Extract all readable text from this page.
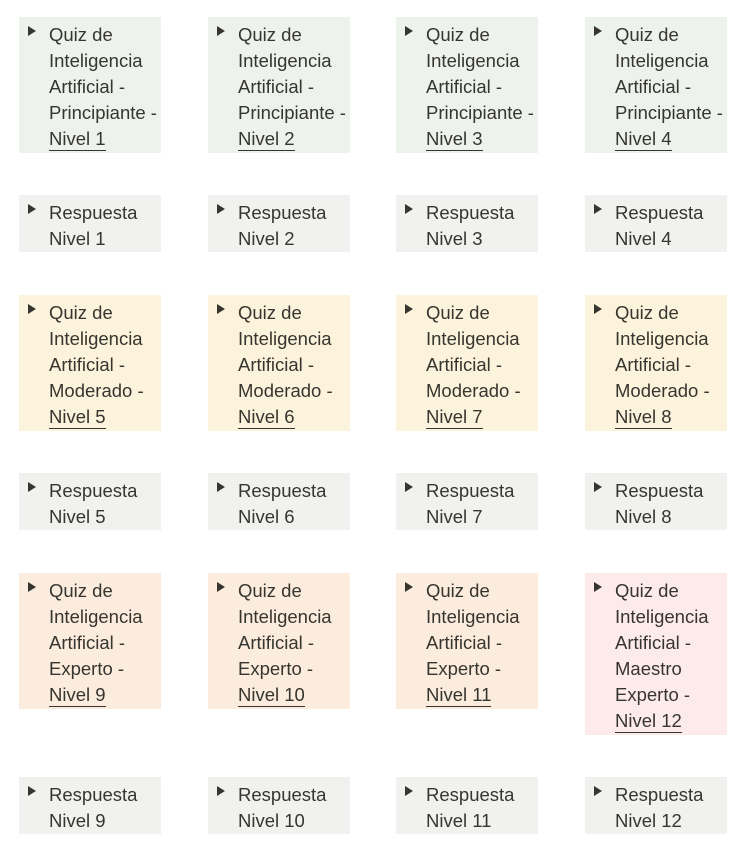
Quiz de Inteligencia Artificial - Principiante - Nivel 1
Quiz de Inteligencia Artificial - Principiante - Nivel 2
Quiz de Inteligencia Artificial - Principiante - Nivel 3
Quiz de Inteligencia Artificial - Principiante - Nivel 4
Respuesta
Nivel 1
Respuesta
Nivel 2
Respuesta
Nivel 3
Respuesta
Nivel 4
Quiz de Inteligencia Artificial - Moderado - Nivel 5
Quiz de Inteligencia Artificial - Moderado - Nivel 6
Quiz de Inteligencia Artificial - Moderado - Nivel 7
Quiz de Inteligencia Artificial - Moderado - Nivel 8
Respuesta
Nivel 5
Respuesta
Nivel 6
Respuesta
Nivel 7
Respuesta
Nivel 8
Quiz de Inteligencia Artificial - Experto - Nivel 9
Quiz de Inteligencia Artificial - Experto - Nivel 10
Quiz de Inteligencia Artificial - Experto - Nivel 11
Quiz de Inteligencia Artificial - Maestro Experto - Nivel 12
Respuesta
Nivel 9
Respuesta
Nivel 10
Respuesta
Nivel 11
Respuesta
Nivel 12
